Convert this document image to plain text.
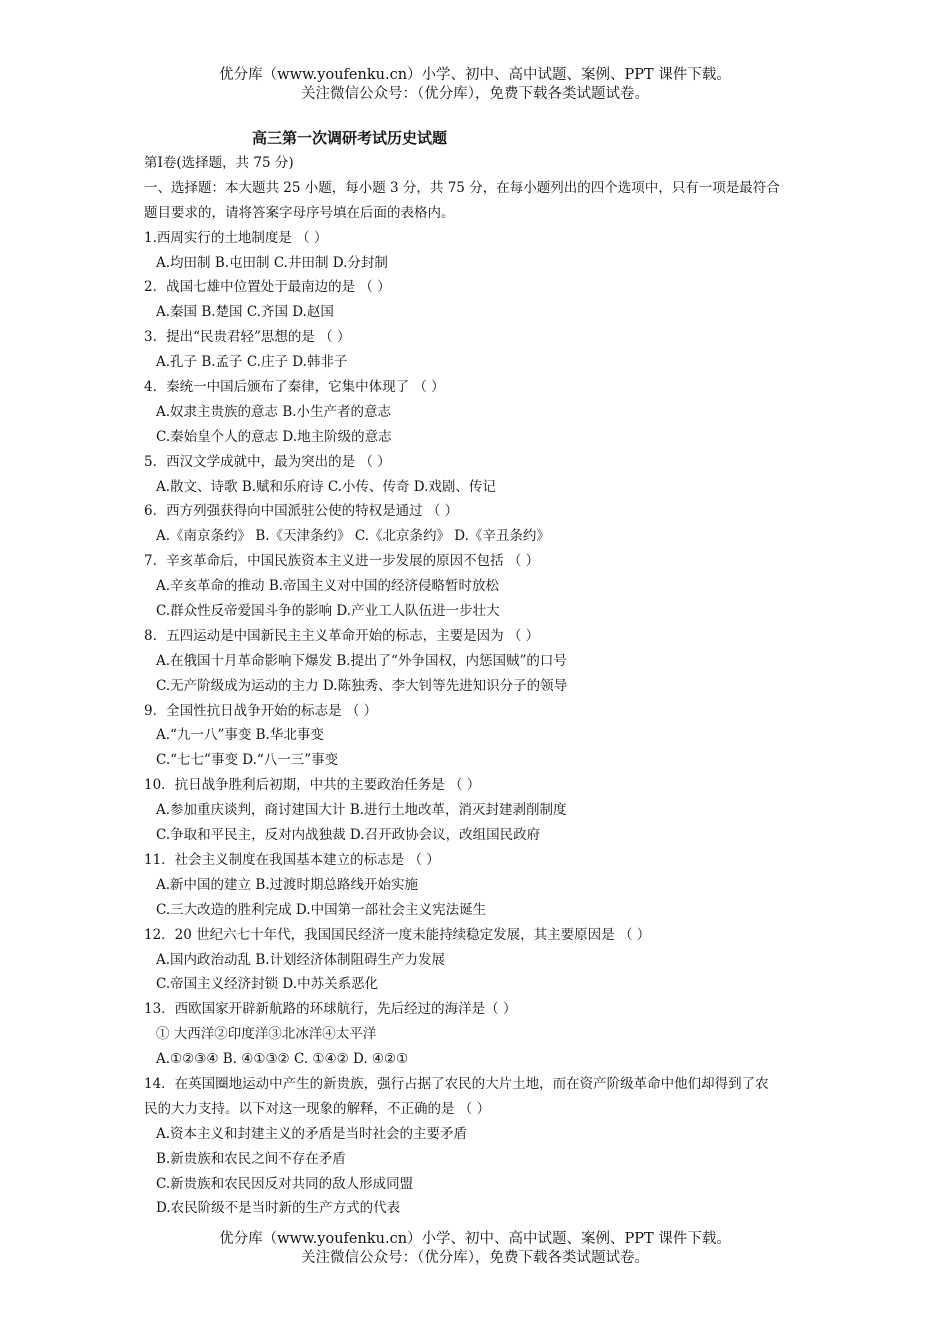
优分库（www.youfenku.cn）小学、初中、高中试题、案例、PPT 课件下载。
关注微信公众号：（优分库），免费下载各类试题试卷。
高三第一次调研考试历史试题
第Ⅰ卷(选择题，共 75 分)
一、选择题：本大题共 25 小题，每小题 3 分，共 75 分，在每小题列出的四个选项中，只有一项是最符合
题目要求的，请将答案字母序号填在后面的表格内。
1.西周实行的土地制度是 （ ）
A.均田制 B.屯田制 C.井田制 D.分封制
2．战国七雄中位置处于最南边的是 （ ）
A.秦国 B.楚国 C.齐国 D.赵国
3．提出“民贵君轻”思想的是 （ ）
A.孔子 B.孟子 C.庄子 D.韩非子
4．秦统一中国后颁布了秦律，它集中体现了 （ ）
A.奴隶主贵族的意志 B.小生产者的意志
C.秦始皇个人的意志 D.地主阶级的意志
5．西汉文学成就中，最为突出的是 （ ）
A.散文、诗歌 B.赋和乐府诗 C.小传、传奇 D.戏剧、传记
6．西方列强获得向中国派驻公使的特权是通过 （ ）
A.《南京条约》 B.《天津条约》 C.《北京条约》 D.《辛丑条约》
7．辛亥革命后，中国民族资本主义进一步发展的原因不包括 （ ）
A.辛亥革命的推动 B.帝国主义对中国的经济侵略暂时放松
C.群众性反帝爱国斗争的影响 D.产业工人队伍进一步壮大
8．五四运动是中国新民主主义革命开始的标志，主要是因为 （ ）
A.在俄国十月革命影响下爆发 B.提出了“外争国权，内惩国贼”的口号
C.无产阶级成为运动的主力 D.陈独秀、李大钊等先进知识分子的领导
9．全国性抗日战争开始的标志是 （ ）
A.“九一八”事变 B.华北事变
C.“七七”事变 D.“八一三”事变
10．抗日战争胜利后初期，中共的主要政治任务是 （ ）
A.参加重庆谈判，商讨建国大计 B.进行土地改革，消灭封建剥削制度
C.争取和平民主，反对内战独裁 D.召开政协会议，改组国民政府
11．社会主义制度在我国基本建立的标志是 （ ）
A.新中国的建立 B.过渡时期总路线开始实施
C.三大改造的胜利完成 D.中国第一部社会主义宪法诞生
12．20 世纪六七十年代，我国国民经济一度未能持续稳定发展，其主要原因是 （ ）
A.国内政治动乱 B.计划经济体制阻碍生产力发展
C.帝国主义经济封锁 D.中苏关系恶化
13．西欧国家开辟新航路的环球航行，先后经过的海洋是（ ）
① 大西洋②印度洋③北冰洋④太平洋
A.①②③④ B. ④①③② C. ①④② D. ④②①
14．在英国圈地运动中产生的新贵族，强行占据了农民的大片土地，而在资产阶级革命中他们却得到了农
民的大力支持。以下对这一现象的解释，不正确的是 （ ）
A.资本主义和封建主义的矛盾是当时社会的主要矛盾
B.新贵族和农民之间不存在矛盾
C.新贵族和农民因反对共同的敌人形成同盟
D.农民阶级不是当时新的生产方式的代表
优分库（www.youfenku.cn）小学、初中、高中试题、案例、PPT 课件下载。
关注微信公众号：（优分库），免费下载各类试题试卷。
